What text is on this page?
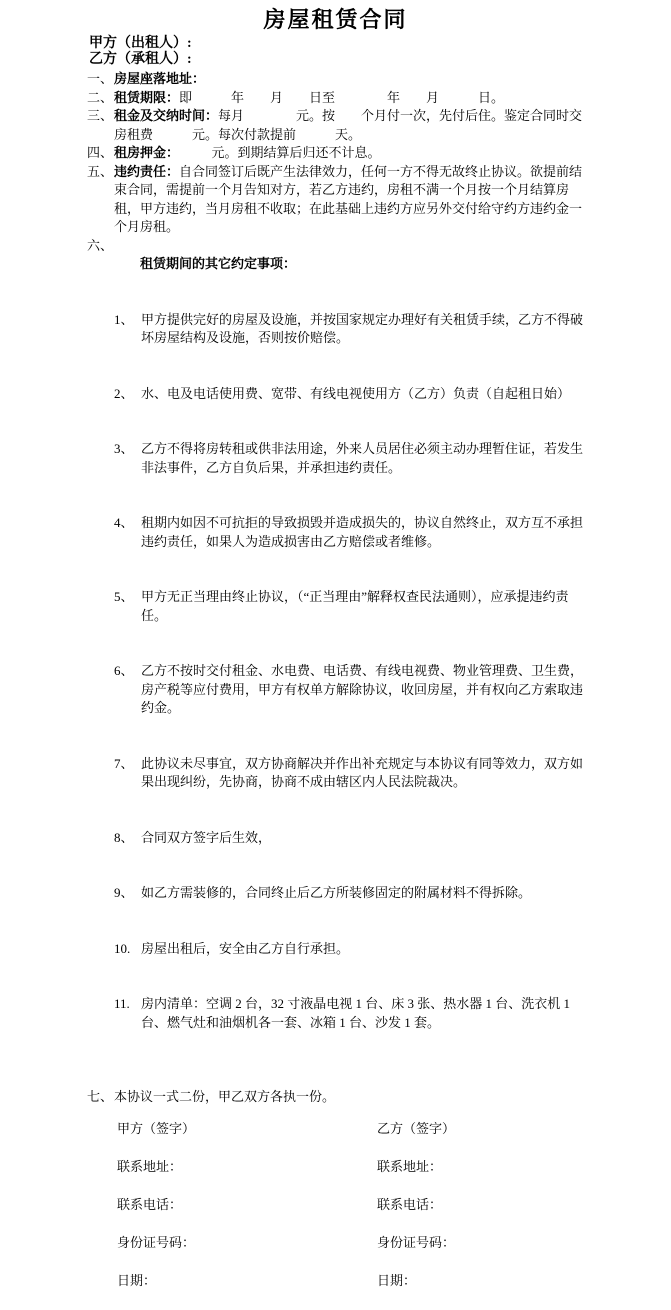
房屋租赁合同
甲方（出租人）:
乙方（承租人）:
一、 房屋座落地址：
二、 租赁期限：即　　　年　　月　　日至　　　　年　　月　　　日。
三、 租金及交纳时间：每月　　　　元。按　　个月付一次，先付后住。鉴定合同时交房租费　　　元。每次付款提前　　　天。
四、 租房押金：　　　元。到期结算后归还不计息。
五、 违约责任：自合同签订后既产生法律效力，任何一方不得无故终止协议。欲提前结束合同，需提前一个月告知对方，若乙方违约，房租不满一个月按一个月结算房租，甲方违约，当月房租不收取；在此基础上违约方应另外交付给守约方违约金一个月房租。
六、

租赁期间的其它约定事项：

1、 甲方提供完好的房屋及设施，并按国家规定办理好有关租赁手续，乙方不得破坏房屋结构及设施，否则按价赔偿。

2、 水、电及电话使用费、宽带、有线电视使用方（乙方）负责（自起租日始）

3、 乙方不得将房转租或供非法用途，外来人员居住必须主动办理暂住证，若发生非法事件，乙方自负后果，并承担违约责任。

4、 租期内如因不可抗拒的导致损毁并造成损失的，协议自然终止，双方互不承担违约责任，如果人为造成损害由乙方赔偿或者维修。

5、 甲方无正当理由终止协议，（“正当理由”解释权查民法通则），应承提违约责任。

6、 乙方不按时交付租金、水电费、电话费、有线电视费、物业管理费、卫生费，房产税等应付费用，甲方有权单方解除协议，收回房屋，并有权向乙方索取违约金。

7、 此协议未尽事宜，双方协商解决并作出补充规定与本协议有同等效力，双方如果出现纠纷，先协商，协商不成由辖区内人民法院裁决。

8、 合同双方签字后生效，

9、 如乙方需装修的，合同终止后乙方所装修固定的附属材料不得拆除。

10. 房屋出租后，安全由乙方自行承担。

11. 房内清单：空调 2 台，32 寸液晶电视 1 台、床 3 张、热水器 1 台、洗衣机 1 台、燃气灶和油烟机各一套、冰箱 1 台、沙发 1 套。

七、 本协议一式二份，甲乙双方各执一份。
甲方（签字）
联系地址：
联系电话：
身份证号码：
日期：
乙方（签字）
联系地址：
联系电话：
身份证号码：
日期：
